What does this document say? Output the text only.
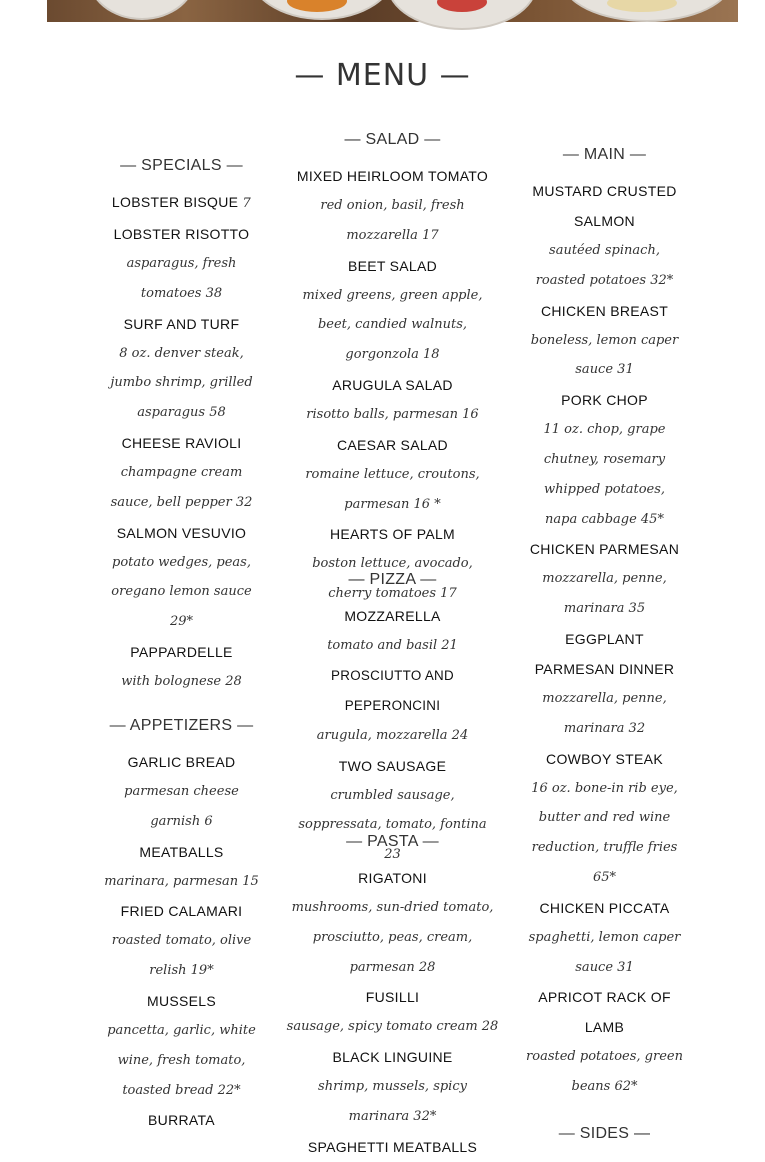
— MENU —
— SPECIALS —
LOBSTER BISQUE 7
LOBSTER RISOTTO
asparagus, fresh tomatoes 38
SURF AND TURF
8 oz. denver steak, jumbo shrimp, grilled asparagus 58
CHEESE RAVIOLI
champagne cream sauce, bell pepper 32
SALMON VESUVIO
potato wedges, peas, oregano lemon sauce 29*
PAPPARDELLE
with bolognese 28
— APPETIZERS —
GARLIC BREAD
parmesan cheese garnish 6
MEATBALLS
marinara, parmesan 15
FRIED CALAMARI
roasted tomato, olive relish 19*
MUSSELS
pancetta, garlic, white wine, fresh tomato, toasted bread 22*
BURRATA
— SALAD —
MIXED HEIRLOOM TOMATO
red onion, basil, fresh mozzarella 17
BEET SALAD
mixed greens, green apple, beet, candied walnuts, gorgonzola 18
ARUGULA SALAD
risotto balls, parmesan 16
CAESAR SALAD
romaine lettuce, croutons, parmesan 16 *
HEARTS OF PALM
boston lettuce, avocado, cherry tomatoes 17
— PIZZA —
MOZZARELLA
tomato and basil 21
PROSCIUTTO AND PEPERONCINI
arugula, mozzarella 24
TWO SAUSAGE
crumbled sausage, soppressata, tomato, fontina 23
— PASTA —
RIGATONI
mushrooms, sun-dried tomato, prosciutto, peas, cream, parmesan 28
FUSILLI
sausage, spicy tomato cream 28
BLACK LINGUINE
shrimp, mussels, spicy marinara 32*
SPAGHETTI MEATBALLS
— MAIN —
MUSTARD CRUSTED SALMON
sautéed spinach, roasted potatoes 32*
CHICKEN BREAST
boneless, lemon caper sauce 31
PORK CHOP
11 oz. chop, grape chutney, rosemary whipped potatoes, napa cabbage 45*
CHICKEN PARMESAN
mozzarella, penne, marinara 35
EGGPLANT PARMESAN DINNER
mozzarella, penne, marinara 32
COWBOY STEAK
16 oz. bone-in rib eye, butter and red wine reduction, truffle fries 65*
CHICKEN PICCATA
spaghetti, lemon caper sauce 31
APRICOT RACK OF LAMB
roasted potatoes, green beans 62*
— SIDES —
